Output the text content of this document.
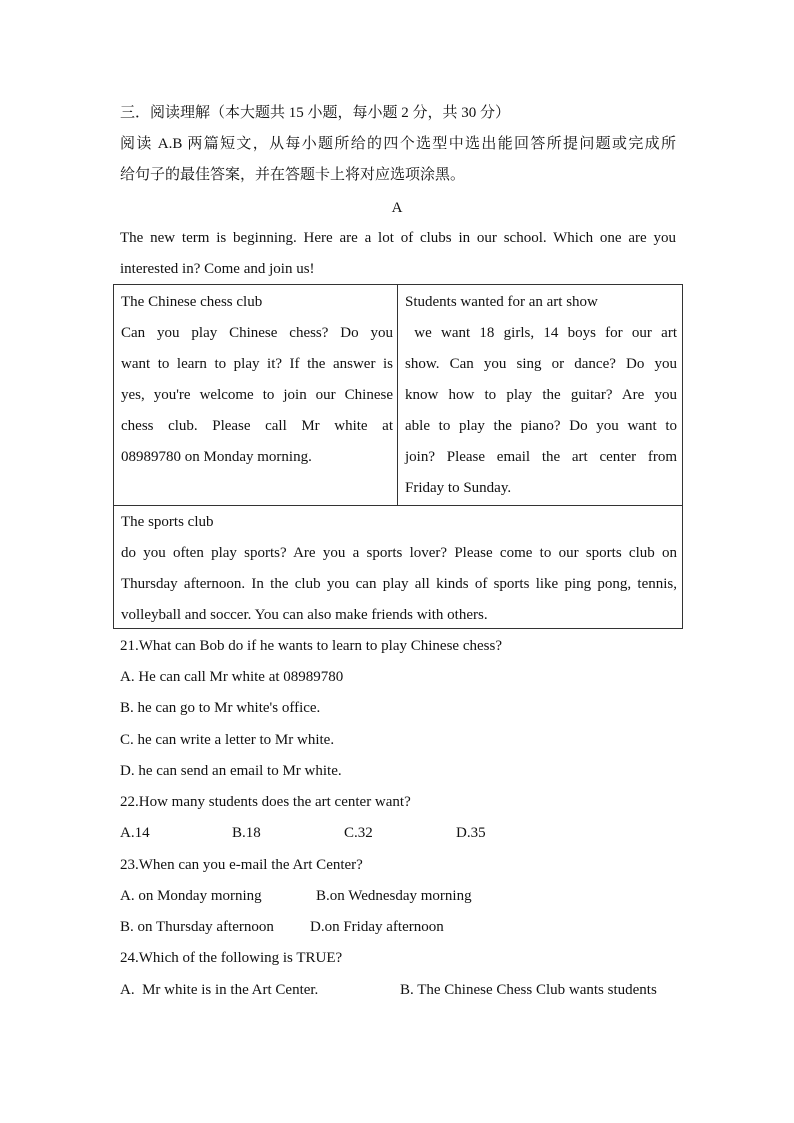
三．阅读理解（本大题共 15 小题，每小题 2 分，共 30 分）
阅读 A.B 两篇短文，从每小题所给的四个选型中选出能回答所提问题或完成所
给句子的最佳答案，并在答题卡上将对应选项涂黑。
A
The new term is beginning. Here are a lot of clubs in our school. Which one are you
interested in? Come and join us!
The Chinese chess club
Can you play Chinese chess? Do you
want to learn to play it? If the answer is
yes, you're welcome to join our Chinese
chess club. Please call Mr white at
08989780 on Monday morning.
Students wanted for an art show
we want 18 girls, 14 boys for our art
show. Can you sing or dance? Do you
know how to play the guitar? Are you
able to play the piano? Do you want to
join? Please email the art center from
Friday to Sunday.
The sports club
do you often play sports? Are you a sports lover? Please come to our sports club on
Thursday afternoon. In the club you can play all kinds of sports like ping pong, tennis,
volleyball and soccer. You can also make friends with others.
21.What can Bob do if he wants to learn to play Chinese chess?
A. He can call Mr white at 08989780
B. he can go to Mr white's office.
C. he can write a letter to Mr white.
D. he can send an email to Mr white.
22.How many students does the art center want?
A.14	B.18	C.32	D.35
23.When can you e-mail the Art Center?
A. on Monday morning	B.on Wednesday morning
B. on Thursday afternoon D.on Friday afternoon
24.Which of the following is TRUE?
A.  Mr white is in the Art Center.	B. The Chinese Chess Club wants students
